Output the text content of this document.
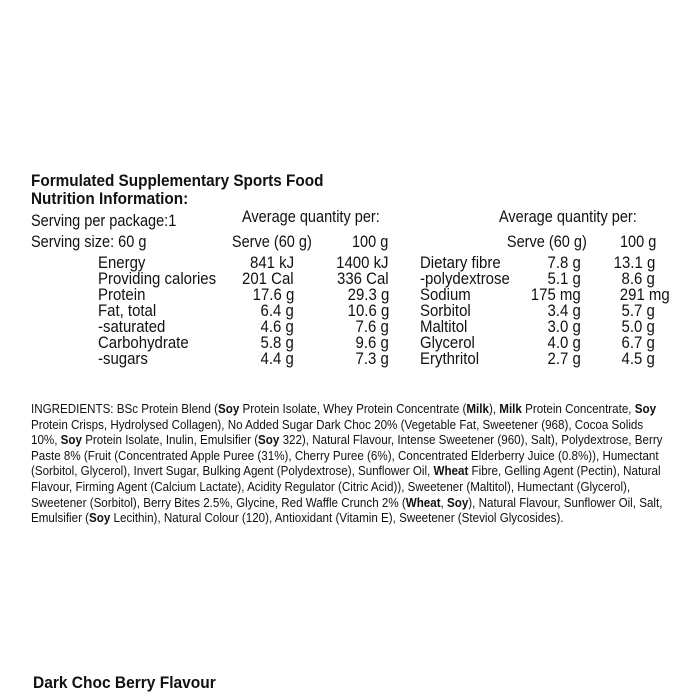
Formulated Supplementary Sports Food
Nutrition Information:
Serving per package:1
Serving size: 60 g
Average quantity per:	Average quantity per:
Serve (60 g) 100 g	Serve (60 g) 100 g
Energy	841 kJ	1400 kJ
Providing calories 201 Cal	336 Cal
Protein	17.6 g	29.3 g
Fat, total	6.4 g	10.6 g
-saturated	4.6 g	7.6 g
Carbohydrate	5.8 g	9.6 g
-sugars	4.4 g	7.3 g
Dietary fibre	7.8 g 13.1 g
-polydextrose 5.1 g 8.6 g
Sodium	175 mg 291 mg
Sorbitol	3.4 g 5.7 g
Maltitol	3.0 g 5.0 g
Glycerol	4.0 g 6.7 g
Erythritol	2.7 g 4.5 g
INGREDIENTS: BSc Protein Blend (Soy Protein Isolate, Whey Protein Concentrate (Milk), Milk Protein Concentrate, Soy Protein Crisps, Hydrolysed Collagen), No Added Sugar Dark Choc 20% (Vegetable Fat, Sweetener (968), Cocoa Solids 10%, Soy Protein Isolate, Inulin, Emulsifier (Soy 322), Natural Flavour, Intense Sweetener (960), Salt), Polydextrose, Berry Paste 8% (Fruit (Concentrated Apple Puree (31%), Cherry Puree (6%), Concentrated Elderberry Juice (0.8%)), Humectant (Sorbitol, Glycerol), Invert Sugar, Bulking Agent (Polydextrose), Sunflower Oil, Wheat Fibre, Gelling Agent (Pectin), Natural Flavour, Firming Agent (Calcium Lactate), Acidity Regulator (Citric Acid)), Sweetener (Maltitol), Humectant (Glycerol), Sweetener (Sorbitol), Berry Bites 2.5%, Glycine, Red Waffle Crunch 2% (Wheat, Soy), Natural Flavour, Sunflower Oil, Salt, Emulsifier (Soy Lecithin), Natural Colour (120), Antioxidant (Vitamin E), Sweetener (Steviol Glycosides).
Dark Choc Berry Flavour
